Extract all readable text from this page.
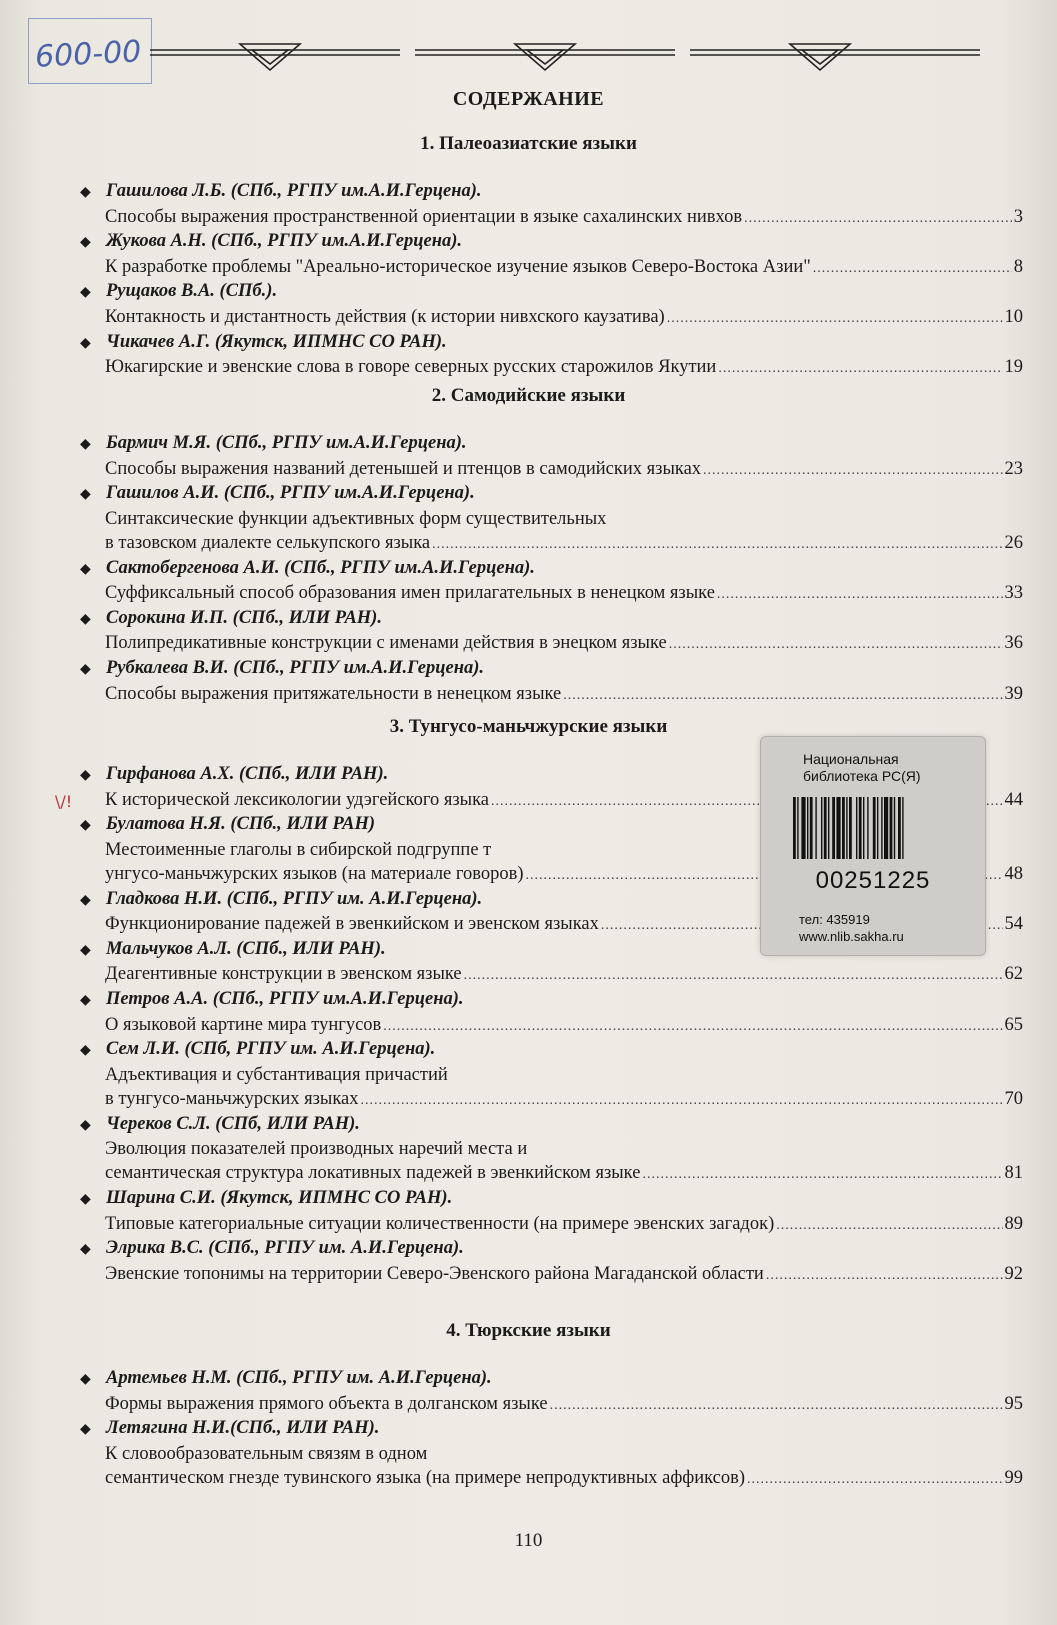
600-00
СОДЕРЖАНИЕ
1. Палеоазиатские языки
◆ Гашилова Л.Б. (СПб., РГПУ им.А.И.Герцена).
Способы выражения пространственной ориентации в языке сахалинских нивхов .....	3
◆ Жукова А.Н. (СПб., РГПУ им.А.И.Герцена).
К разработке проблемы "Ареально-историческое изучение языков Северо-Востока Азии" .....	8
◆ Рущаков В.А. (СПб.).
Контакность и дистантность действия (к истории нивхского каузатива) .....	10
◆ Чикачев А.Г. (Якутск, ИПМНС СО РАН).
Юкагирские и эвенские слова в говоре северных русских старожилов Якутии .....	19
2. Самодийские языки
◆ Бармич М.Я. (СПб., РГПУ им.А.И.Герцена).
Способы выражения названий детенышей и птенцов в самодийских языках .....	23
◆ Гашилов А.И. (СПб., РГПУ им.А.И.Герцена).
Синтаксические функции адъективных форм существительных
в тазовском диалекте селькупского языка .....	26
◆ Сактобергенова А.И. (СПб., РГПУ им.А.И.Герцена).
Суффиксальный способ образования имен прилагательных в ненецком языке .....	33
◆ Сорокина И.П. (СПб., ИЛИ РАН).
Полипредикативные конструкции с именами действия в энецком языке .....	36
◆ Рубкалева В.И. (СПб., РГПУ им.А.И.Герцена).
Способы выражения притяжательности в ненецком языке .....	39
3. Тунгусо-маньчжурские языки
◆ Гирфанова А.Х. (СПб., ИЛИ РАН).
К исторической лексикологии удэгейского языка .....	44
◆ Булатова Н.Я. (СПб., ИЛИ РАН)
Местоименные глаголы в сибирской подгруппе т
унгусо-маньчжурских языков (на материале говоров) .....	48
◆ Гладкова Н.И. (СПб., РГПУ им. А.И.Герцена).
Функционирование падежей в эвенкийском и эвенском языках .....	54
◆ Мальчуков А.Л. (СПб., ИЛИ РАН).
Деагентивные конструкции в эвенском языке .....	62
◆ Петров А.А. (СПб., РГПУ им.А.И.Герцена).
О языковой картине мира тунгусов .....	65
◆ Сем Л.И. (СПб, РГПУ им. А.И.Герцена).
Адъективация и субстантивация причастий
в тунгусо-маньчжурских языках .....	70
◆ Череков С.Л. (СПб, ИЛИ РАН).
Эволюция показателей производных наречий места и
семантическая структура локативных падежей в эвенкийском языке .....	81
◆ Шарина С.И. (Якутск, ИПМНС СО РАН).
Типовые категориальные ситуации количественности (на примере эвенских загадок) .....	89
◆ Элрика В.С. (СПб., РГПУ им. А.И.Герцена).
Эвенские топонимы на территории Северо-Эвенского района Магаданской области .....	92
4. Тюркские языки
◆ Артемьев Н.М. (СПб., РГПУ им. А.И.Герцена).
Формы выражения прямого объекта в долганском языке .....	95
◆ Летягина Н.И.(СПб., ИЛИ РАН).
К словообразовательным связям в одном
семантическом гнезде тувинского языка (на примере непродуктивных аффиксов) .....	99
Национальная
библиотека РС(Я)
00251225
тел: 435919
www.nlib.sakha.ru
\/!
110
